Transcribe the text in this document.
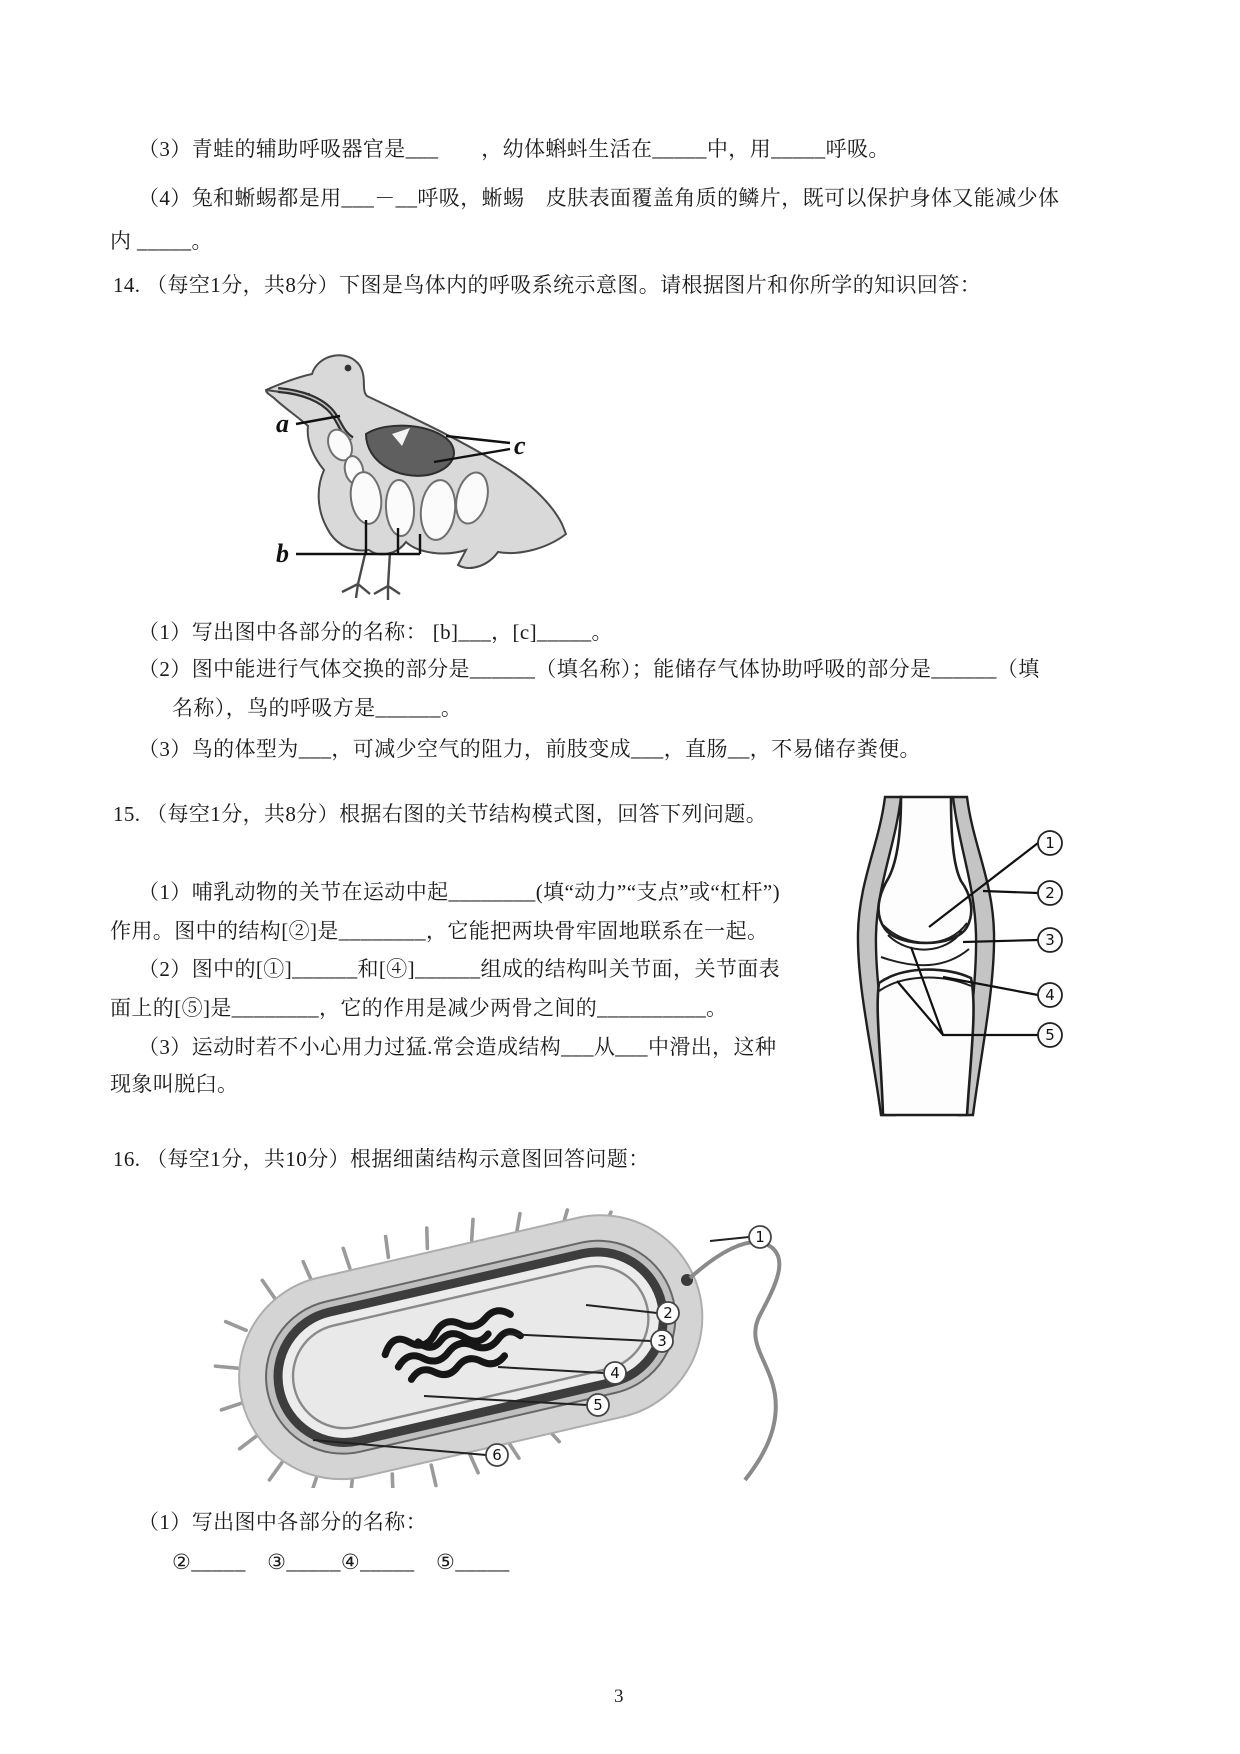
（3）青蛙的辅助呼吸器官是___　　，幼体蝌蚪生活在_____中，用_____呼吸。
（4）兔和蜥蜴都是用___－__呼吸，蜥蜴　皮肤表面覆盖角质的鳞片，既可以保护身体又能减少体
内 _____。
14. （每空1分，共8分）下图是鸟体内的呼吸系统示意图。请根据图片和你所学的知识回答：
a
c
b
（1）写出图中各部分的名称： [b]___，[c]_____。
（2）图中能进行气体交换的部分是______（填名称）；能储存气体协助呼吸的部分是______（填
名称），鸟的呼吸方是______。
（3）鸟的体型为___，可减少空气的阻力，前肢变成___，直肠__，不易储存粪便。
15. （每空1分，共8分）根据右图的关节结构模式图，回答下列问题。
（1）哺乳动物的关节在运动中起________(填“动力”“支点”或“杠杆”)
作用。图中的结构[②]是________，它能把两块骨牢固地联系在一起。
（2）图中的[①]______和[④]______组成的结构叫关节面，关节面表
面上的[⑤]是________，它的作用是减少两骨之间的__________。
（3）运动时若不小心用力过猛.常会造成结构___从___中滑出，这种
现象叫脱臼。
1
2
3
4
5
16. （每空1分，共10分）根据细菌结构示意图回答问题：
1
2
3
4
5
6
（1）写出图中各部分的名称：
②_____　③_____④_____　⑤_____
3
